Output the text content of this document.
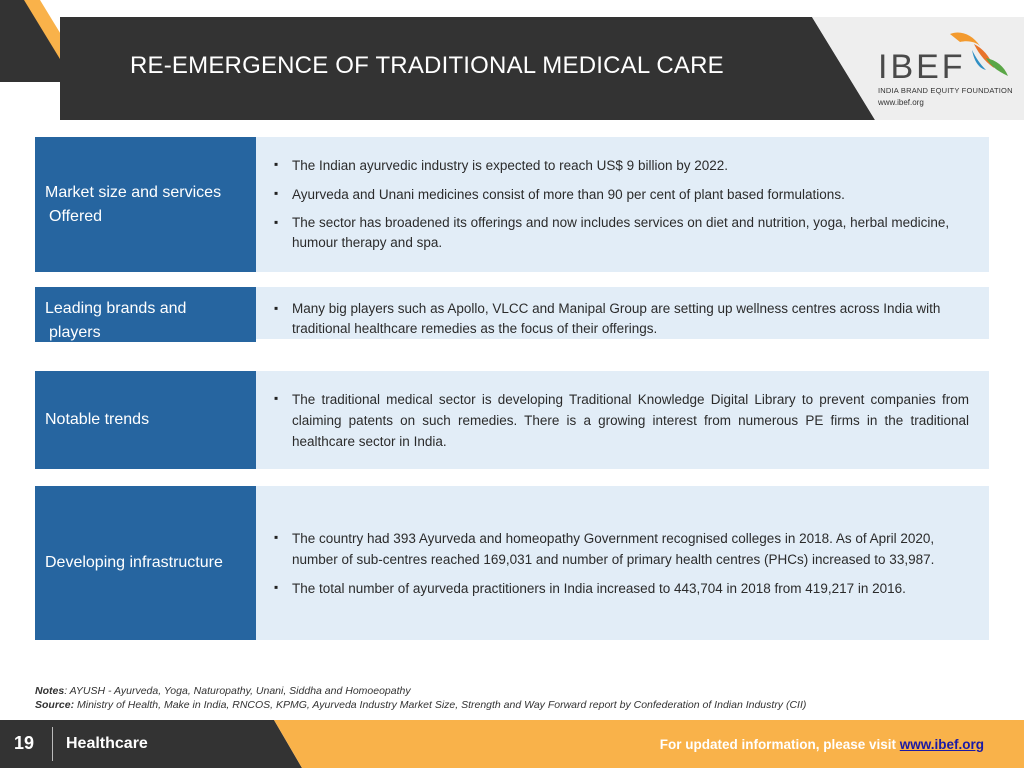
RE-EMERGENCE OF TRADITIONAL MEDICAL CARE	IBEF
INDIA BRAND EQUITY FOUNDATION
www.ibef.org
Market size and services
Offered
▪ The Indian ayurvedic industry is expected to reach US$ 9 billion by 2022.
▪ Ayurveda and Unani medicines consist of more than 90 per cent of plant based formulations.
▪ The sector has broadened its offerings and now includes services on diet and nutrition, yoga, herbal medicine, humour therapy and spa.
Leading brands and
players
▪ Many big players such as Apollo, VLCC and Manipal Group are setting up wellness centres across India with traditional healthcare remedies as the focus of their offerings.
Notable trends
▪ The traditional medical sector is developing Traditional Knowledge Digital Library to prevent companies from claiming patents on such remedies. There is a growing interest from numerous PE firms in the traditional healthcare sector in India.
Developing infrastructure
▪ The country had 393 Ayurveda and homeopathy Government recognised colleges in 2018. As of April 2020, number of sub-centres reached 169,031 and number of primary health centres (PHCs) increased to 33,987.
▪ The total number of ayurveda practitioners in India increased to 443,704 in 2018 from 419,217 in 2016.
Notes: AYUSH - Ayurveda, Yoga, Naturopathy, Unani, Siddha and Homoeopathy
Source: Ministry of Health, Make in India, RNCOS, KPMG, Ayurveda Industry Market Size, Strength and Way Forward report by Confederation of Indian Industry (CII)
19 Healthcare	For updated information, please visit www.ibef.org
